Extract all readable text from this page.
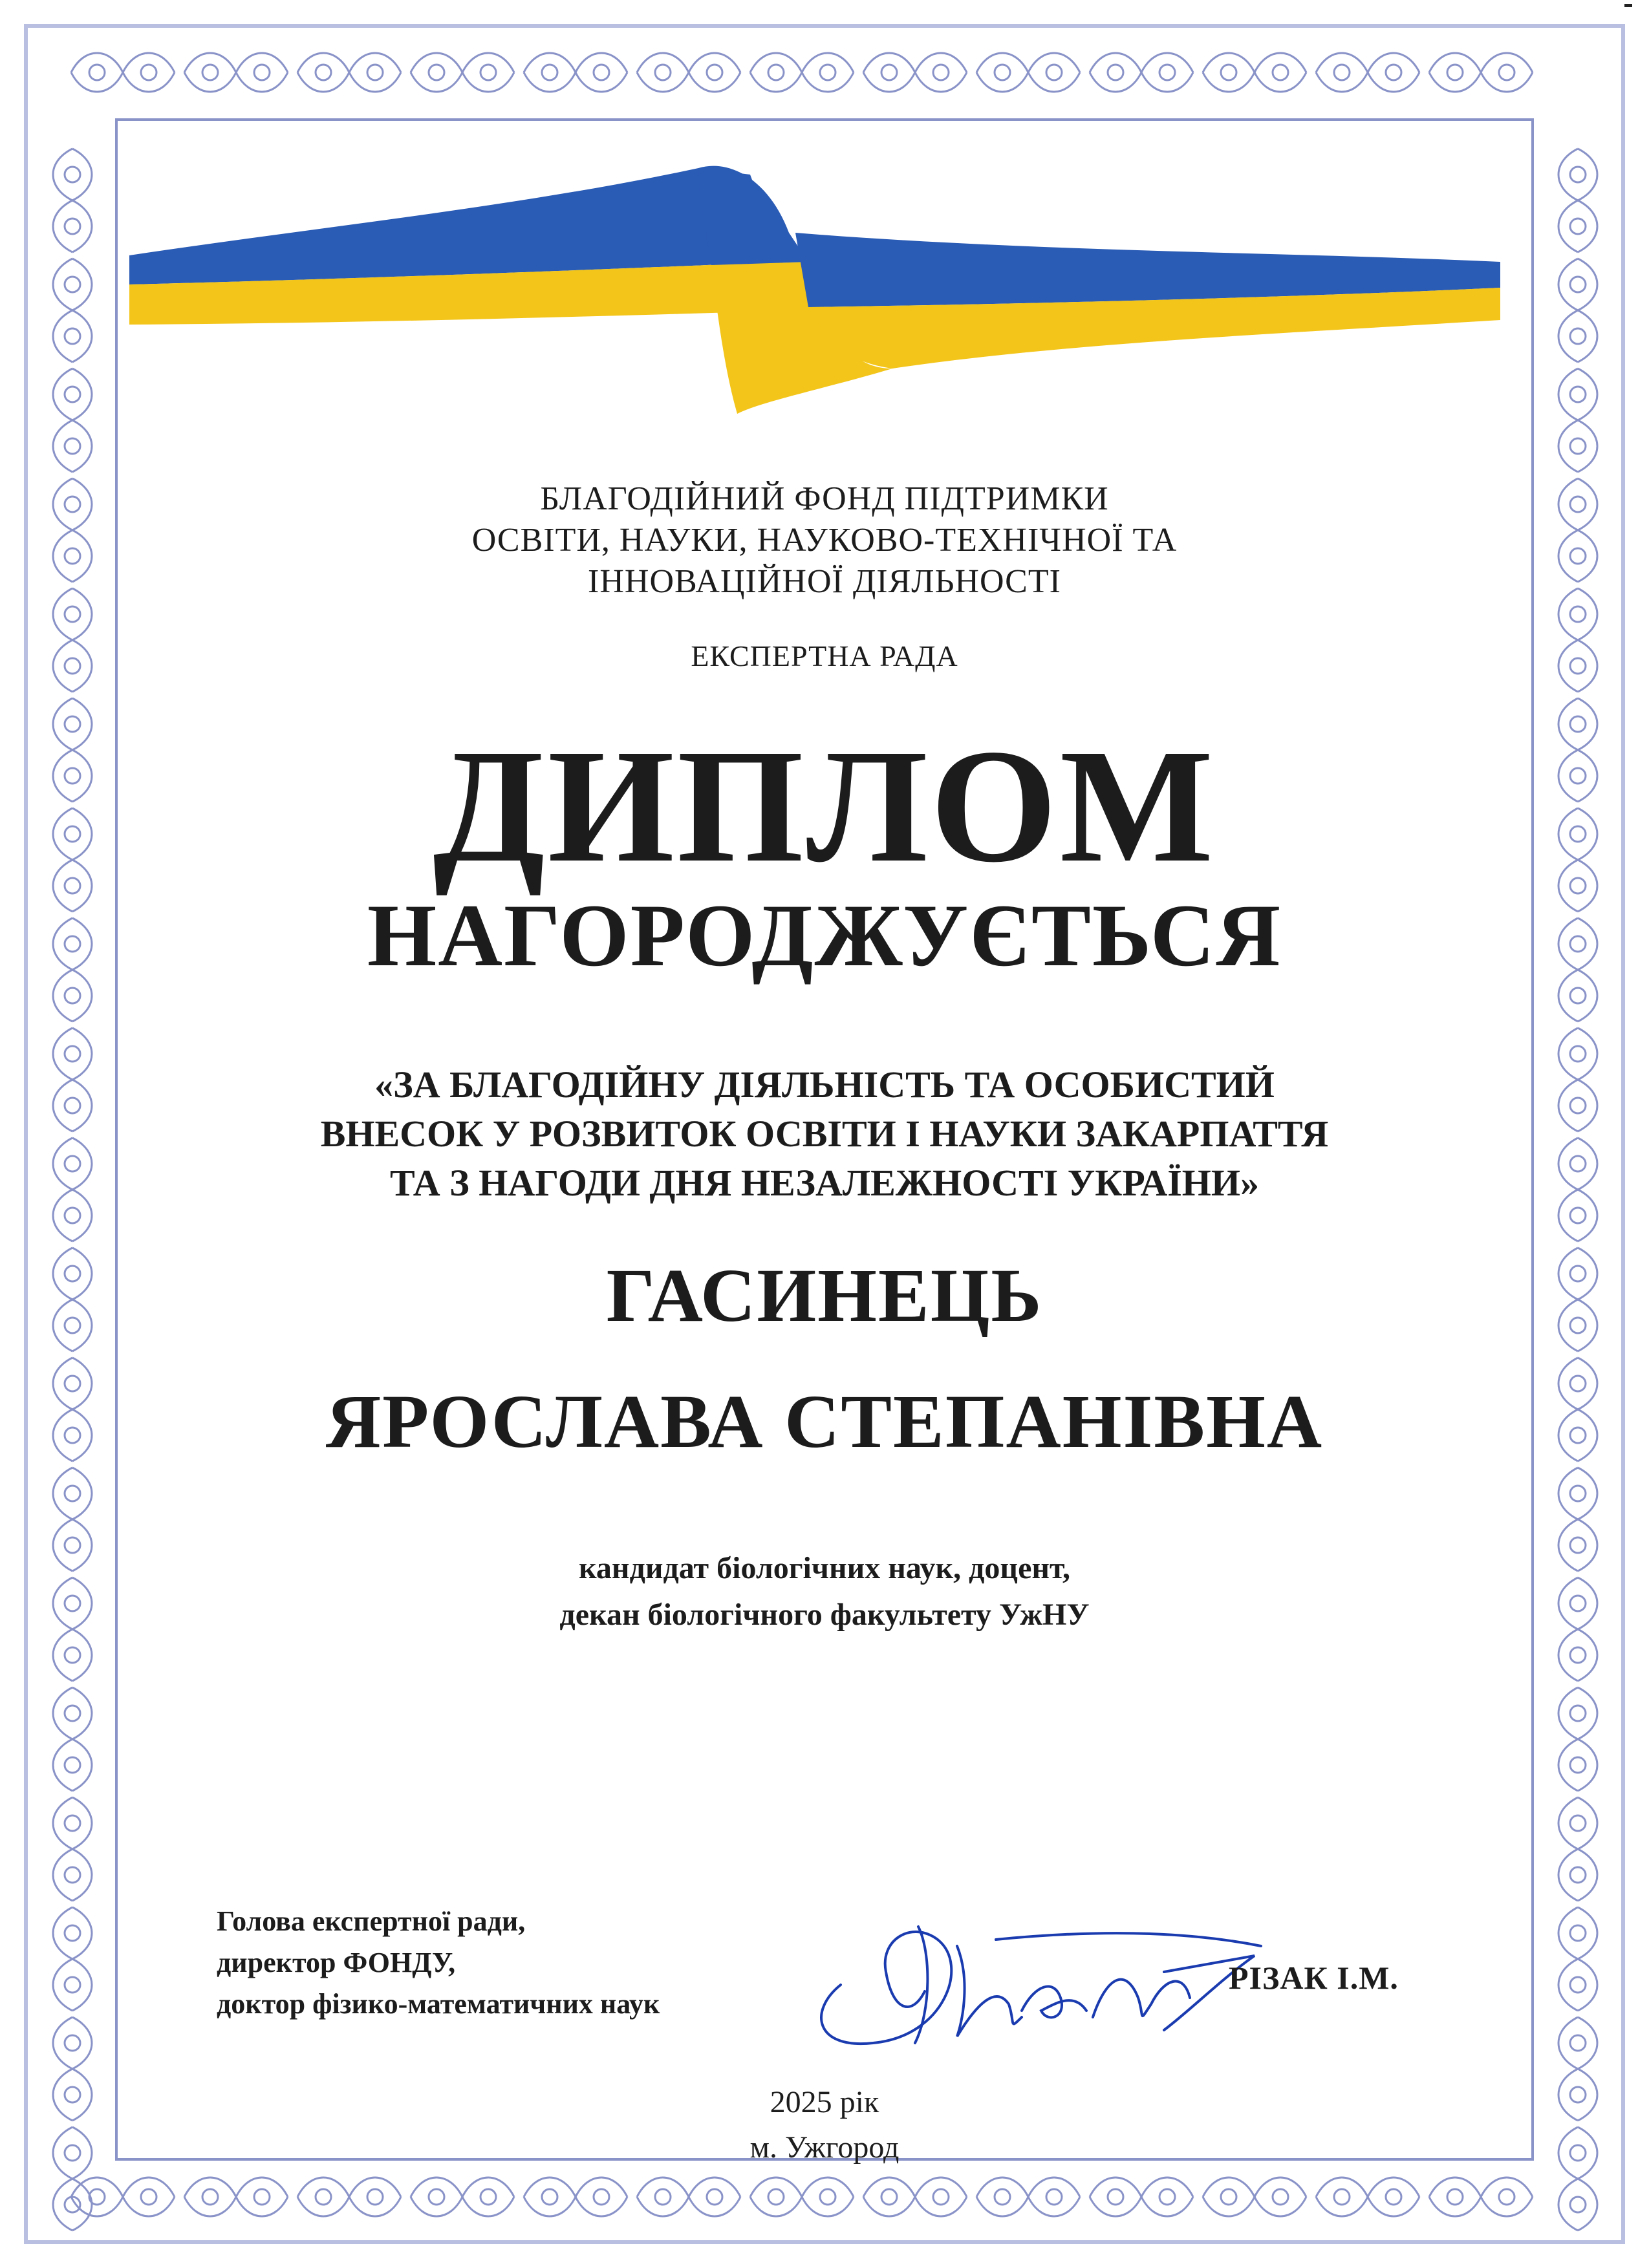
БЛАГОДІЙНИЙ ФОНД ПІДТРИМКИ
ОСВІТИ, НАУКИ, НАУКОВО-ТЕХНІЧНОЇ ТА
ІННОВАЦІЙНОЇ ДІЯЛЬНОСТІ
ЕКСПЕРТНА РАДА
ДИПЛОМ
НАГОРОДЖУЄТЬСЯ
«ЗА БЛАГОДІЙНУ ДІЯЛЬНІСТЬ ТА ОСОБИСТИЙ
ВНЕСОК У РОЗВИТОК ОСВІТИ І НАУКИ ЗАКАРПАТТЯ
ТА З НАГОДИ ДНЯ НЕЗАЛЕЖНОСТІ УКРАЇНИ»
ГАСИНЕЦЬ
ЯРОСЛАВА СТЕПАНІВНА
кандидат біологічних наук, доцент,
декан біологічного факультету УжНУ
Голова експертної ради,
директор ФОНДУ,
доктор фізико-математичних наук
РІЗАК І.М.
2025 рік
м. Ужгород
